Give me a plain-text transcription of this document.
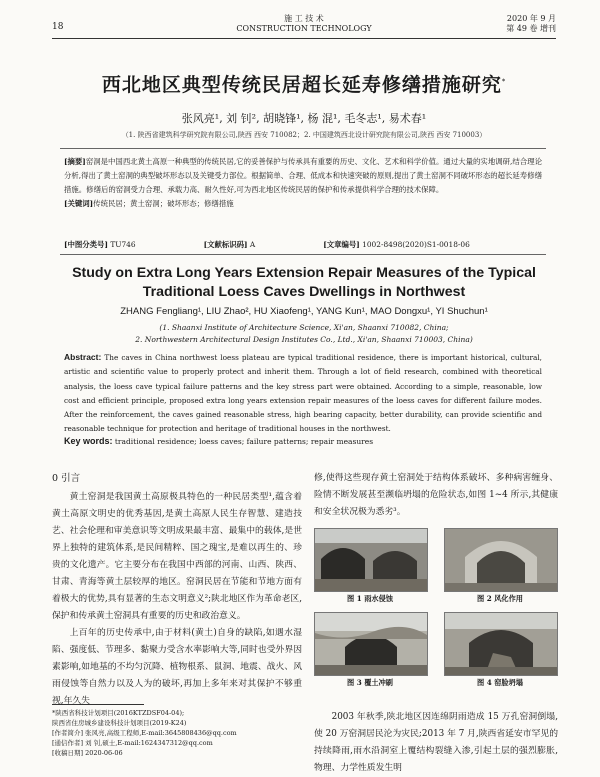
18
施 工 技 术
CONSTRUCTION TECHNOLOGY
2020 年 9 月
第 49 卷 增刊
西北地区典型传统民居超长延寿修缮措施研究*
张风亮¹, 刘 钊², 胡晓锋¹, 杨 混¹, 毛冬志¹, 易术春¹
（1. 陕西省建筑科学研究院有限公司,陕西 西安 710082；2. 中国建筑西北设计研究院有限公司,陕西 西安 710003）
[摘要]窑洞是中国西北黄土高原一种典型的传统民居,它的妥善保护与传承具有重要的历史、文化、艺术和科学价值。通过大量的实地调研,结合理论分析,得出了黄土窑洞的典型破坏形态以及关键受力部位。根据简单、合理、低成本和快速突破的原则,提出了黄土窑洞不同破坏形态的超长延寿修缮措施。修缮后的窑洞受力合理、承载力高、耐久性好,可为西北地区传统民居的保护和传承提供科学合理的技术保障。
[关键词]传统民居；黄土窑洞；破坏形态；修缮措施
[中图分类号] TU746	[文献标识码] A	[文章编号] 1002-8498(2020)S1-0018-06
Study on Extra Long Years Extension Repair Measures of the Typical
Traditional Loess Caves Dwellings in Northwest
ZHANG Fengliang¹, LIU Zhao², HU Xiaofeng¹, YANG Kun¹, MAO Dongxu¹, YI Shuchun¹
(1. Shaanxi Institute of Architecture Science, Xi'an, Shaanxi 710082, China;
2. Northwestern Architectural Design Institutes Co., Ltd., Xi'an, Shaanxi 710003, China)
Abstract: The caves in China northwest loess plateau are typical traditional residence, there is important historical, cultural, artistic and scientific value to properly protect and inherit them. Through a lot of field research, combined with theoretical analysis, the loess cave typical failure patterns and the key stress part were obtained. According to a simple, reasonable, low cost and efficient principle, proposed extra long years extension repair measures of the loess caves for different failure modes. After the reinforcement, the caves gained reasonable stress, high bearing capacity, better durability, can provide scientific and reasonable technique for protection and heritage of traditional houses in the northwest.
Key words: traditional residence; loess caves; failure patterns; repair measures
0 引言

黄土窑洞是我国黄土高原极具特色的一种民居类型¹,蕴含着黄土高原文明史的优秀基因,是黄土高原人民生存智慧、建造技艺、社会伦理和审美意识等文明成果最丰富、最集中的载体,是世界上独特的建筑体系,是民间精粹、国之瑰宝,是难以再生的、珍贵的文化遗产。它主要分布在我国中西部的河南、山西、陕西、甘肃、青海等黄土层较厚的地区。窑洞民居在节能和节地方面有着极大的优势,具有显著的生态文明意义²;陕北地区作为革命老区,保护和传承黄土窑洞具有重要的历史和政治意义。

上百年的历史传承中,由于材料(黄土)自身的缺陷,如遇水湿陷、强度低、节理多、黏聚力受含水率影响大等,同时也受外界因素影响,如地基的不均匀沉降、植物根系、鼠洞、地震、战火、风雨侵蚀等自然力以及人为的破坏,再加上多年来对其保护不够重视,年久失

修,使得这些现存黄土窑洞处于结构体系破坏、多种病害缠身、险情不断发展甚至濒临坍塌的危险状态,如图 1~4 所示,其健康和安全状况极为悉劣³。

图 1 雨水侵蚀	图 2 风化作用
图 3 覆土冲刷	图 4 窑脸坍塌

2003 年秋季,陕北地区因连绵阴雨造成 15 万孔窑洞倒塌,使 20 万窑洞居民沦为灾民;2013 年 7 月,陕西省延安市罕见的持续降雨,雨水沿洞室上覆结构裂缝入渗,引起土层的强烈膨胀,物理、力学性质发生明

*陕西省科技计划项目(2016KTZDSF04-04);
陕西省住房城乡建设科技计划项目(2019-K24)
[作者简介] 张风亮,高级工程师,E-mail:3645808436@qq.com
[通信作者] 刘 钊,硕士,E-mail:1624347312@qq.com
[收稿日期] 2020-06-06
